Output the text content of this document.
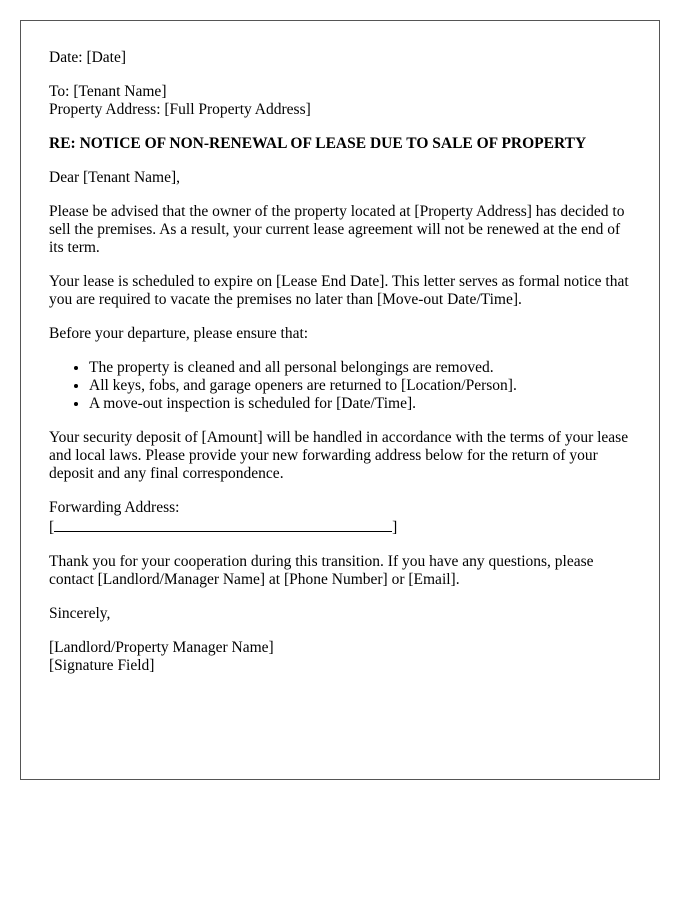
Date: [Date]

To: [Tenant Name]
Property Address: [Full Property Address]

RE: NOTICE OF NON-RENEWAL OF LEASE DUE TO SALE OF PROPERTY

Dear [Tenant Name],

Please be advised that the owner of the property located at [Property Address] has decided to sell the premises. As a result, your current lease agreement will not be renewed at the end of its term.

Your lease is scheduled to expire on [Lease End Date]. This letter serves as formal notice that you are required to vacate the premises no later than [Move-out Date/Time].

Before your departure, please ensure that:

• The property is cleaned and all personal belongings are removed.
• All keys, fobs, and garage openers are returned to [Location/Person].
• A move-out inspection is scheduled for [Date/Time].

Your security deposit of [Amount] will be handled in accordance with the terms of your lease and local laws. Please provide your new forwarding address below for the return of your deposit and any final correspondence.

Forwarding Address:
[	]

Thank you for your cooperation during this transition. If you have any questions, please contact [Landlord/Manager Name] at [Phone Number] or [Email].

Sincerely,

[Landlord/Property Manager Name]
[Signature Field]
